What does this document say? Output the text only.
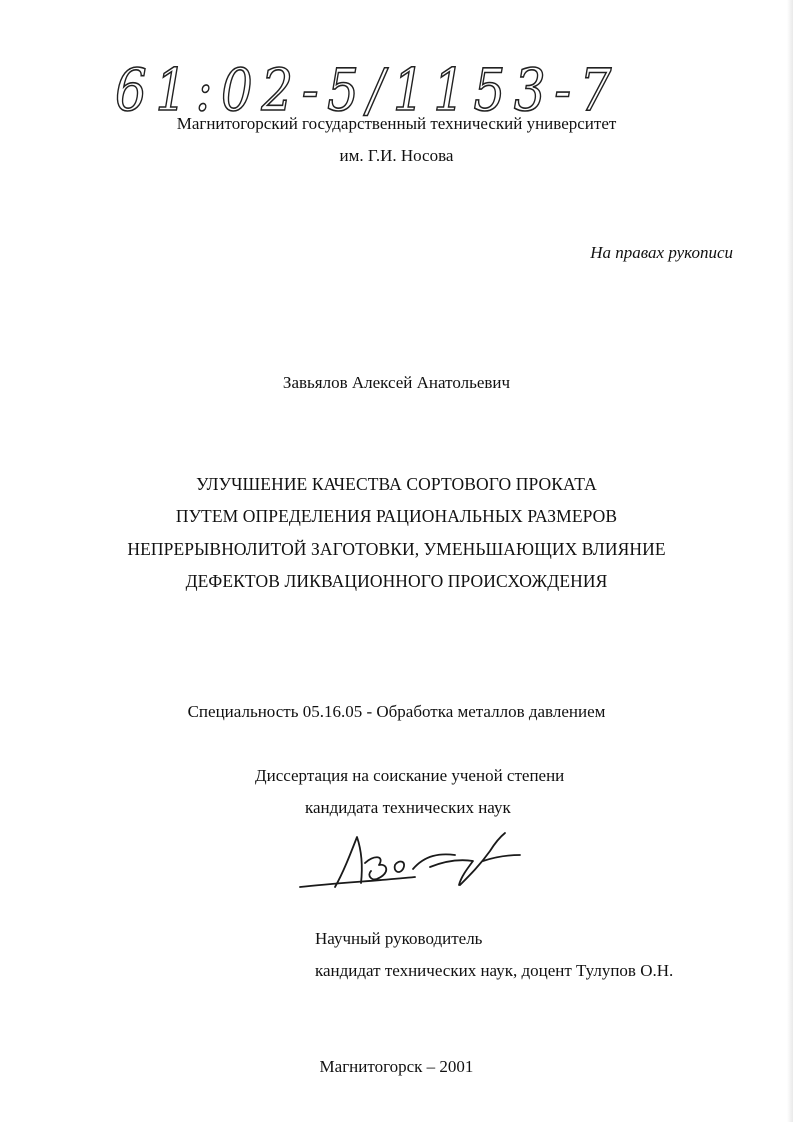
61:02-5/1153-7
Магнитогорский государственный технический университет
им. Г.И. Носова
На правах рукописи
Завьялов Алексей Анатольевич
УЛУЧШЕНИЕ КАЧЕСТВА СОРТОВОГО ПРОКАТА
ПУТЕМ ОПРЕДЕЛЕНИЯ РАЦИОНАЛЬНЫХ РАЗМЕРОВ
НЕПРЕРЫВНОЛИТОЙ ЗАГОТОВКИ, УМЕНЬШАЮЩИХ ВЛИЯНИЕ
ДЕФЕКТОВ ЛИКВАЦИОННОГО ПРОИСХОЖДЕНИЯ
Специальность 05.16.05 - Обработка металлов давлением
Диссертация на соискание ученой степени
кандидата технических наук
Научный руководитель
кандидат технических наук, доцент Тулупов О.Н.
Магнитогорск – 2001
